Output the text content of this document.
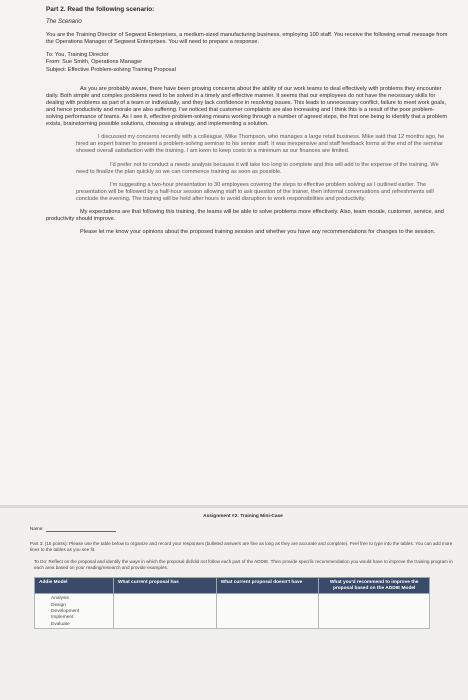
Part 2. Read the following scenario:

The Scenario

You are the Training Director of Segwest Enterprises, a medium-sized manufacturing business, employing 100 staff. You receive the following email message from the Operations Manager of Segwest Enterprises. You will need to prepare a response.

To: You, Training Director
From: Sue Smith, Operations Manager
Subject: Effective Problem-solving Training Proposal

As you are probably aware, there have been growing concerns about the ability of our work teams to deal effectively with problems they encounter daily. Both simple and complex problems need to be solved in a timely and effective manner. It seems that our employees do not have the necessary skills for dealing with problems as part of a team or individually, and they lack confidence in resolving issues. This leads to unnecessary conflict, failure to meet work goals, and hence productivity and morale are also suffering. I've noticed that customer complaints are also increasing and I think this is a result of the poor problem-solving performance of teams. As I see it, effective problem-solving means working through a number of agreed steps, the first one being to identify that a problem exists, brainstorming possible solutions, choosing a strategy, and implementing a solution.

I discussed my concerns recently with a colleague, Mike Thompson, who manages a large retail business. Mike said that 12 months ago, he hired an expert trainer to present a problem-solving seminar to his senior staff. It was inexpensive and staff feedback forms at the end of the seminar showed overall satisfaction with the training. I am keen to keep costs to a minimum as our finances are limited.

I'd prefer not to conduct a needs analysis because it will take too long to complete and this will add to the expense of the training. We need to finalize the plan quickly so we can commence training as soon as possible.

I'm suggesting a two-hour presentation to 30 employees covering the steps to effective problem solving as I outlined earlier. The presentation will be followed by a half-hour session allowing staff to ask question of the trainer, then informal conversations and refreshments will conclude the evening. The training will be held after hours to avoid disruption to work responsibilities and productivity.

My expectations are that following this training, the teams will be able to solve problems more effectively. Also, team morale, customer, service, and productivity should improve.

Please let me know your opinions about the proposed training session and whether you have any recommendations for changes to the session.

Assignment #2: Training Mini-Case
Name:

Part 3: (15 points): Please use the table below to organize and record your responses (bulleted answers are fine as long as they are accurate and complete). Feel free to type into the tables. You can add more lines to the tables as you see fit.

To Do: Reflect on the proposal and identify the ways in which the proposal did/did not follow each part of the ADDIE. Then provide specific recommendation you would have to improve the training program in each area based on your reading/research and provide examples.

Addie Model	What current proposal has	What current proposal doesn't have	What you'd recommend to improve the proposal based on the ADDIE Model

Analysis
Design
Development
Implement
Evaluate			
